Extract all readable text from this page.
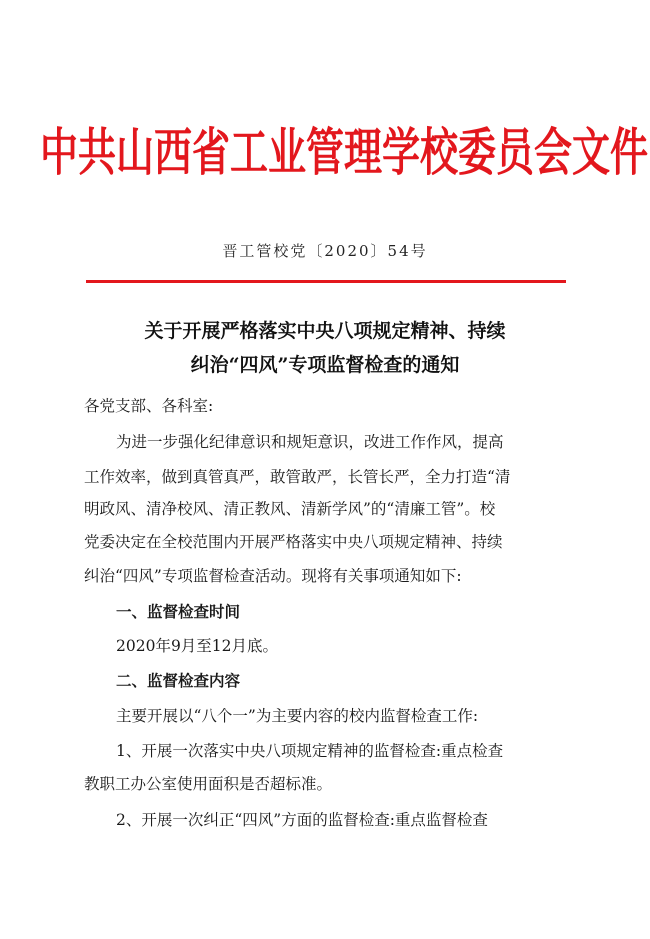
中共山西省工业管理学校委员会文件
晋工管校党〔2020〕54号
关于开展严格落实中央八项规定精神、持续
纠治“四风”专项监督检查的通知
各党支部、各科室:
为进一步强化纪律意识和规矩意识，改进工作作风，提高
工作效率，做到真管真严，敢管敢严，长管长严，全力打造“清
明政风、清净校风、清正教风、清新学风”的“清廉工管”。校
党委决定在全校范围内开展严格落实中央八项规定精神、持续
纠治“四风”专项监督检查活动。现将有关事项通知如下:
一、监督检查时间
2020年9月至12月底。
二、监督检查内容
主要开展以“八个一”为主要内容的校内监督检查工作:
1、开展一次落实中央八项规定精神的监督检查:重点检查
教职工办公室使用面积是否超标准。
2、开展一次纠正“四风”方面的监督检查:重点监督检查
